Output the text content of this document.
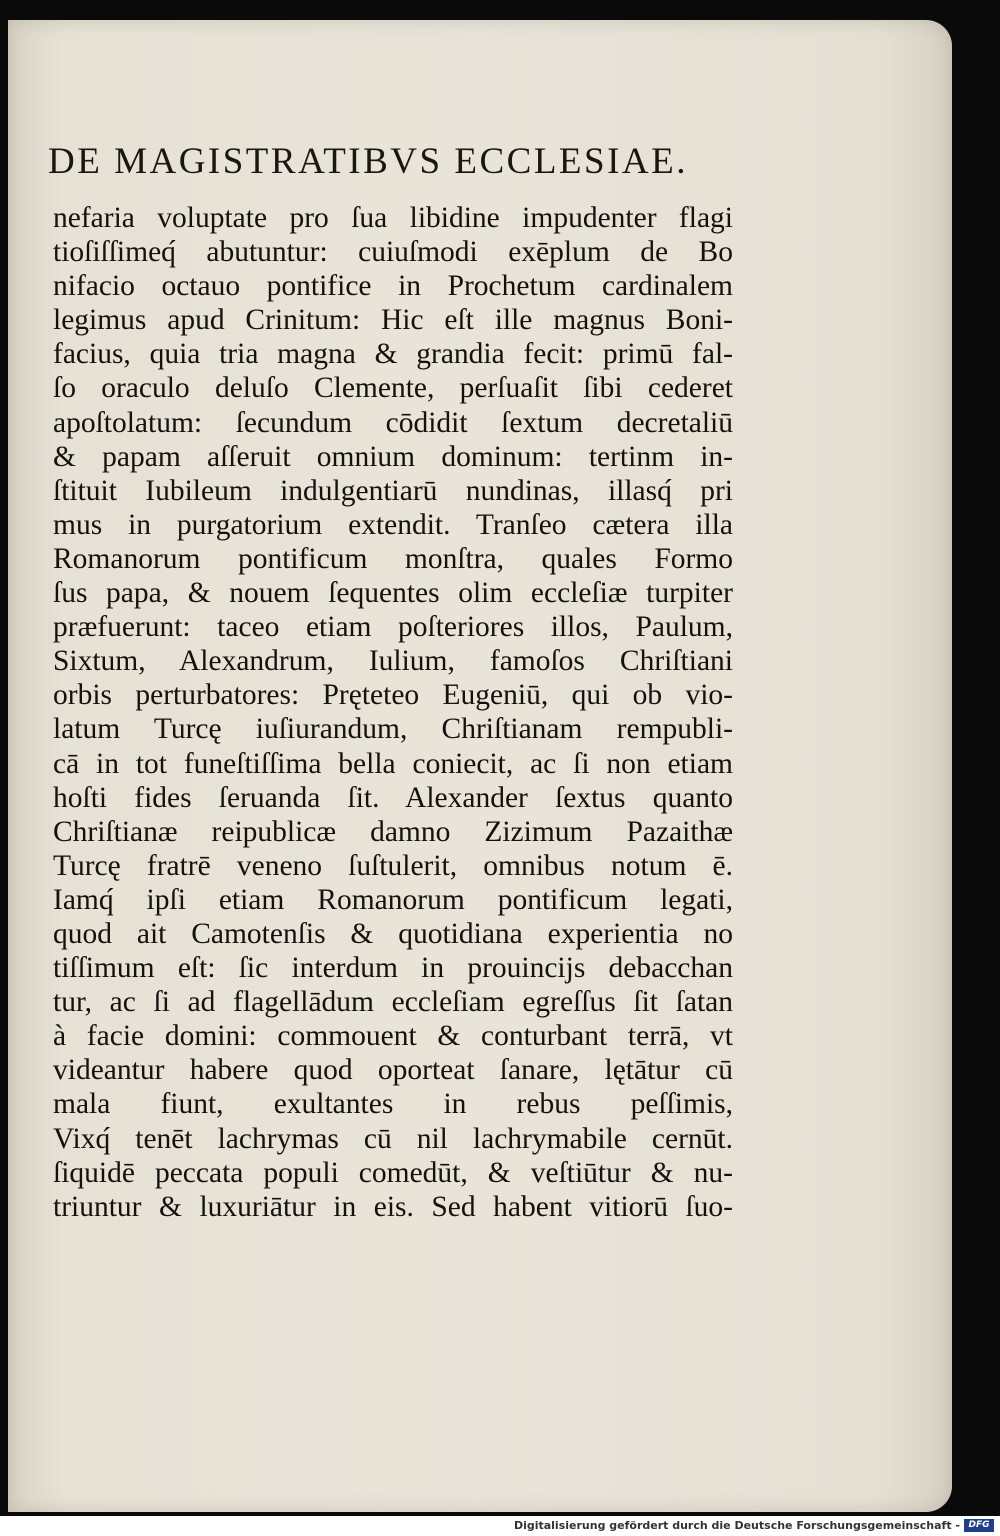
DE MAGISTRATIBVS ECCLESIAE.
nefaria voluptate pro ſua libidine impudenter flagi
tioſiſſimeq́ abutuntur: cuiuſmodi exēplum de Bo
nifacio octauo pontifice in Prochetum cardinalem
legimus apud Crinitum: Hic eſt ille magnus Boni-
facius, quia tria magna & grandia fecit: primū fal-
ſo oraculo deluſo Clemente, perſuaſit ſibi cederet
apoſtolatum: ſecundum cōdidit ſextum decretaliū
& papam aſſeruit omnium dominum: tertinm in-
ſtituit Iubileum indulgentiarū nundinas, illasq́ pri
mus in purgatorium extendit. Tranſeo cætera illa
Romanorum pontificum monſtra, quales Formo
ſus papa, & nouem ſequentes olim eccleſiæ turpiter
præfuerunt: taceo etiam poſteriores illos, Paulum,
Sixtum, Alexandrum, Iulium, famoſos Chriſtiani
orbis perturbatores: Pręteteo Eugeniū, qui ob vio-
latum Turcę iuſiurandum, Chriſtianam rempubli-
cā in tot funeſtiſſima bella coniecit, ac ſi non etiam
hoſti fides ſeruanda ſit. Alexander ſextus quanto
Chriſtianæ reipublicæ damno Zizimum Pazaithæ
Turcę fratrē veneno ſuſtulerit, omnibus notum ē.
Iamq́ ipſi etiam Romanorum pontificum legati,
quod ait Camotenſis & quotidiana experientia no
tiſſimum eſt: ſic interdum in prouincijs debacchan
tur, ac ſi ad flagellādum eccleſiam egreſſus ſit ſatan
à facie domini: commouent & conturbant terrā, vt
videantur habere quod oporteat ſanare, lętātur cū
mala fiunt, exultantes in rebus peſſimis,
Vixq́ tenēt lachrymas cū nil lachrymabile cernūt.
ſiquidē peccata populi comedūt, & veſtiūtur & nu-
triuntur & luxuriātur in eis. Sed habent vitiorū ſuo-
Digitalisierung gefördert durch die Deutsche Forschungsgemeinschaft - DFG
